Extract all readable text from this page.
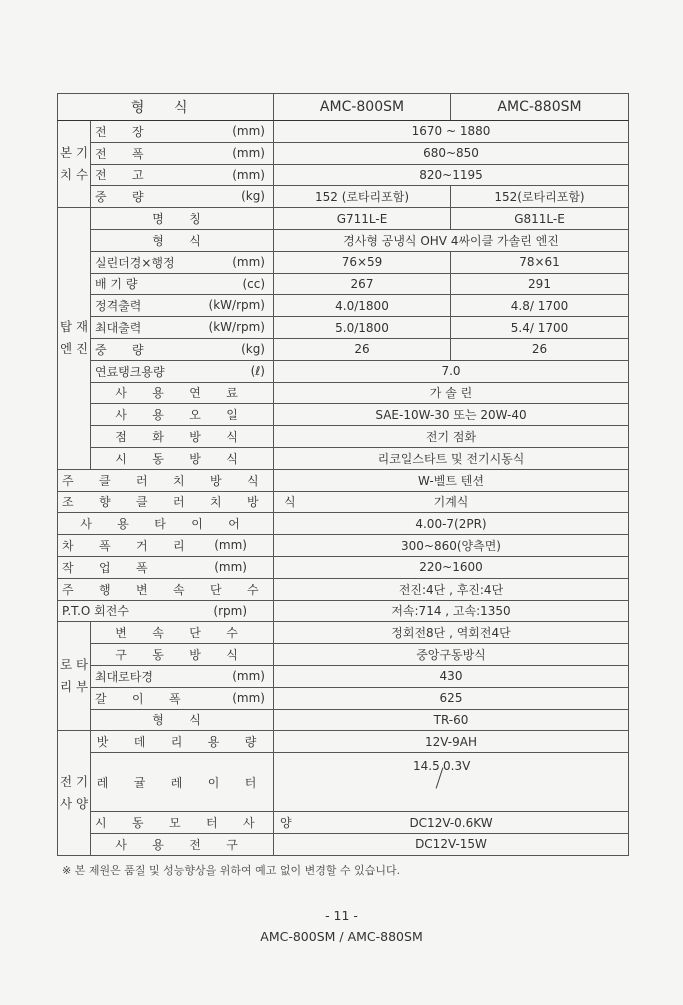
형 식		AMC-800SM	AMC-880SM
본 기 치 수	전 장 (mm)	1670 ~ 1880	
	전 폭 (mm)	680~850	
	전 고 (mm)	820~1195	
	중 량 (kg)	152 (로타리포함)	152(로타리포함)
탑 재 엔 진	명 칭	G711L-E	G811L-E
	형 식	경사형 공냉식 OHV 4싸이클 가솔린 엔진	
	실린더경×행정 (mm)	76×59	78×61
	배 기 량 (cc)	267	291
	정격출력 (kW/rpm)	4.0/1800	4.8/ 1700
	최대출력 (kW/rpm)	5.0/1800	5.4/ 1700
	중 량 (kg)	26	26
	연료탱크용량 (ℓ)	7.0	
	사 용 연 료	가 솔 린	
	사 용 오 일	SAE-10W-30 또는 20W-40	
	점 화 방 식	전기 점화	
	시 동 방 식	리코일스타트 및 전기시동식	
주 클 러 치 방 식		W-벨트 텐션	
조 향 클 러 치 방 식		기계식	
사 용 타 이 어		4.00-7(2PR)	
차 폭 거 리 (mm)		300~860(양측면)	
작 업 폭 (mm)		220~1600	
주 행 변 속 단 수		전진:4단 , 후진:4단	
P.T.O 회전수 (rpm)		저속:714 , 고속:1350	
로 타 리 부	변 속 단 수	정회전8단 , 역회전4단	
	구 동 방 식	중앙구동방식	
	최대로타경 (mm)	430	
	갈 이 폭 (mm)	625	
	형 식	TR-60	
전 기 사 양	밧 데 리 용 량	12V-9AH	
	레 귤 레 이 터	14.5 0.3V	

	시 동 모 터 사 양	DC12V-0.6KW	
	사 용 전 구	DC12V-15W	
※ 본 제원은 품질 및 성능향상을 위하여 예고 없이 변경할 수 있습니다.
- 11 -
AMC-800SM / AMC-880SM
